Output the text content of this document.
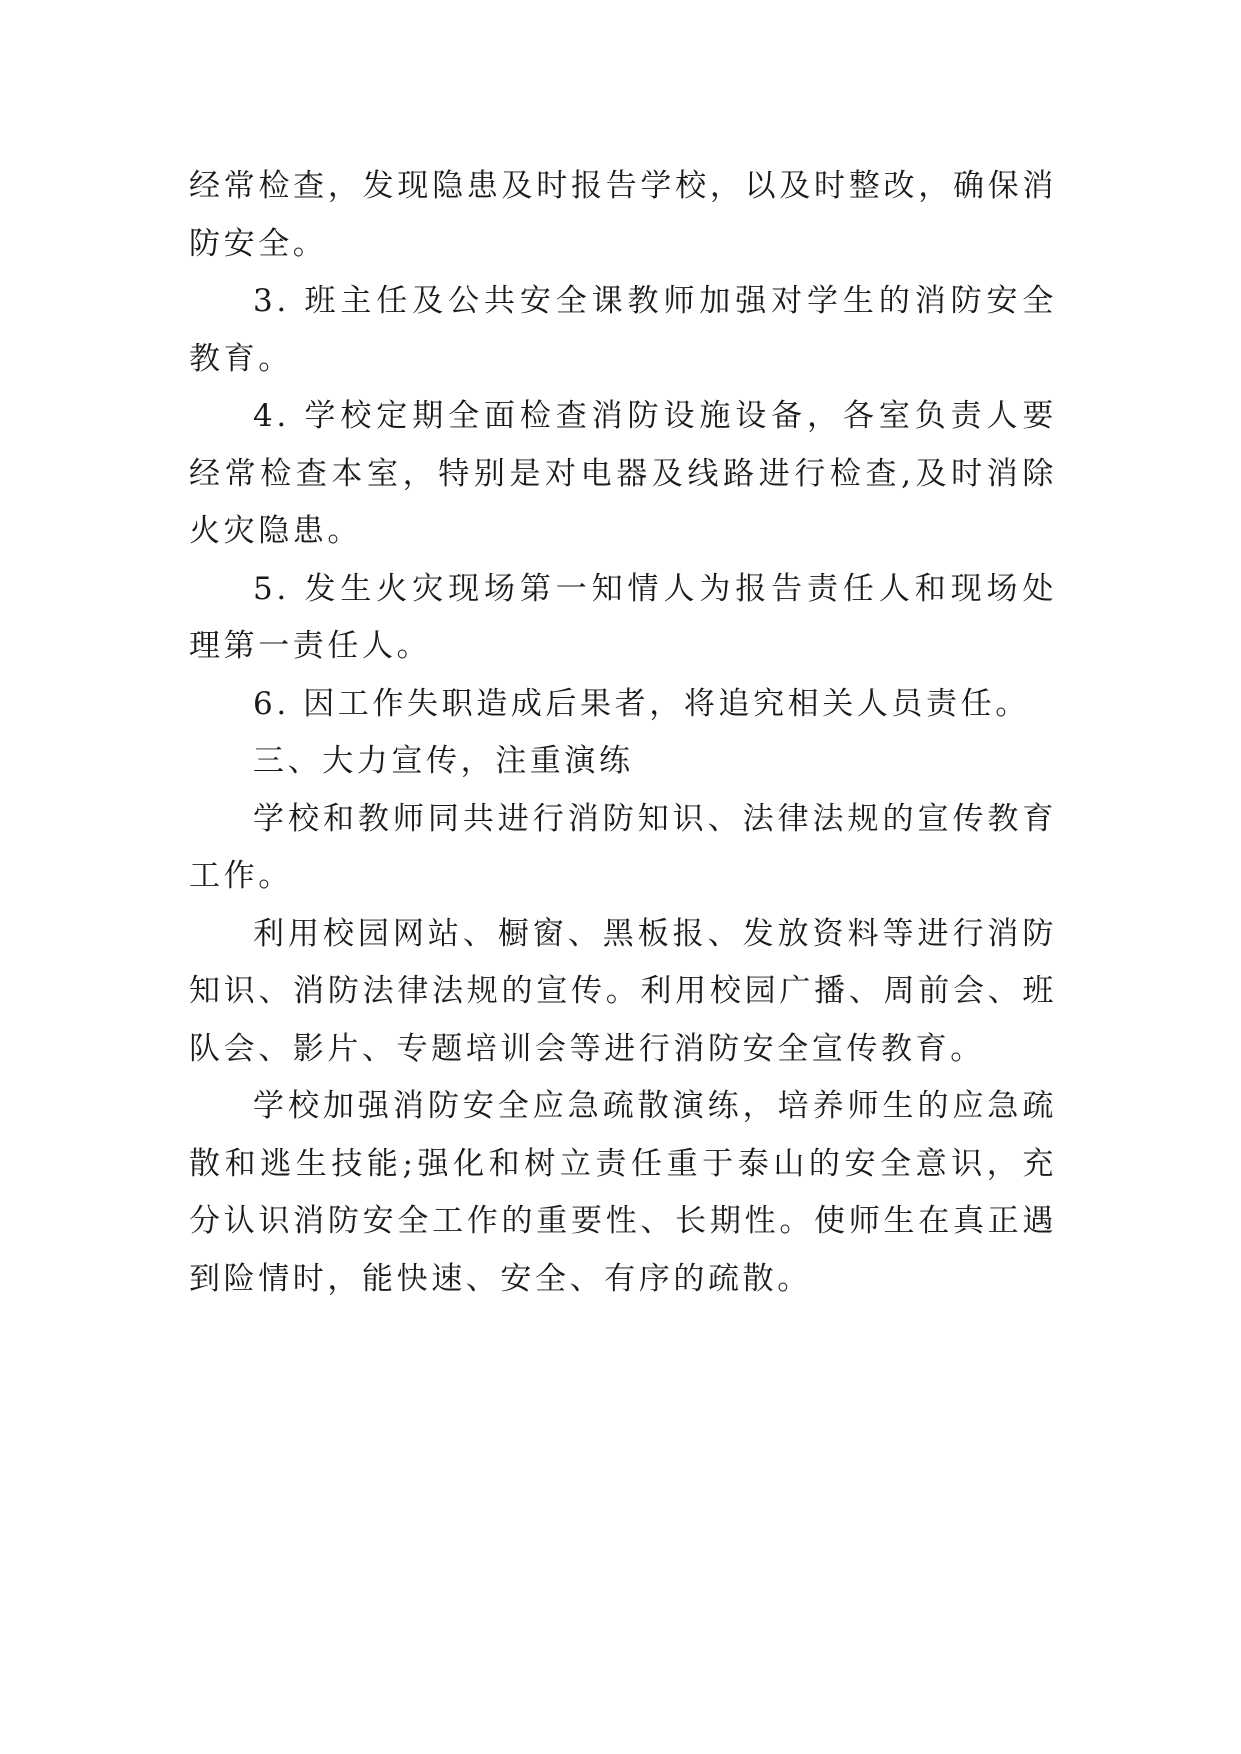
经常检查，发现隐患及时报告学校，以及时整改，确保消防安全。

3. 班主任及公共安全课教师加强对学生的消防安全教育。

4. 学校定期全面检查消防设施设备，各室负责人要经常检查本室，特别是对电器及线路进行检查,及时消除火灾隐患。

5. 发生火灾现场第一知情人为报告责任人和现场处理第一责任人。

6. 因工作失职造成后果者，将追究相关人员责任。

三、大力宣传，注重演练

学校和教师同共进行消防知识、法律法规的宣传教育工作。

利用校园网站、橱窗、黑板报、发放资料等进行消防知识、消防法律法规的宣传。利用校园广播、周前会、班队会、影片、专题培训会等进行消防安全宣传教育。

学校加强消防安全应急疏散演练，培养师生的应急疏散和逃生技能;强化和树立责任重于泰山的安全意识，充分认识消防安全工作的重要性、长期性。使师生在真正遇到险情时，能快速、安全、有序的疏散。
